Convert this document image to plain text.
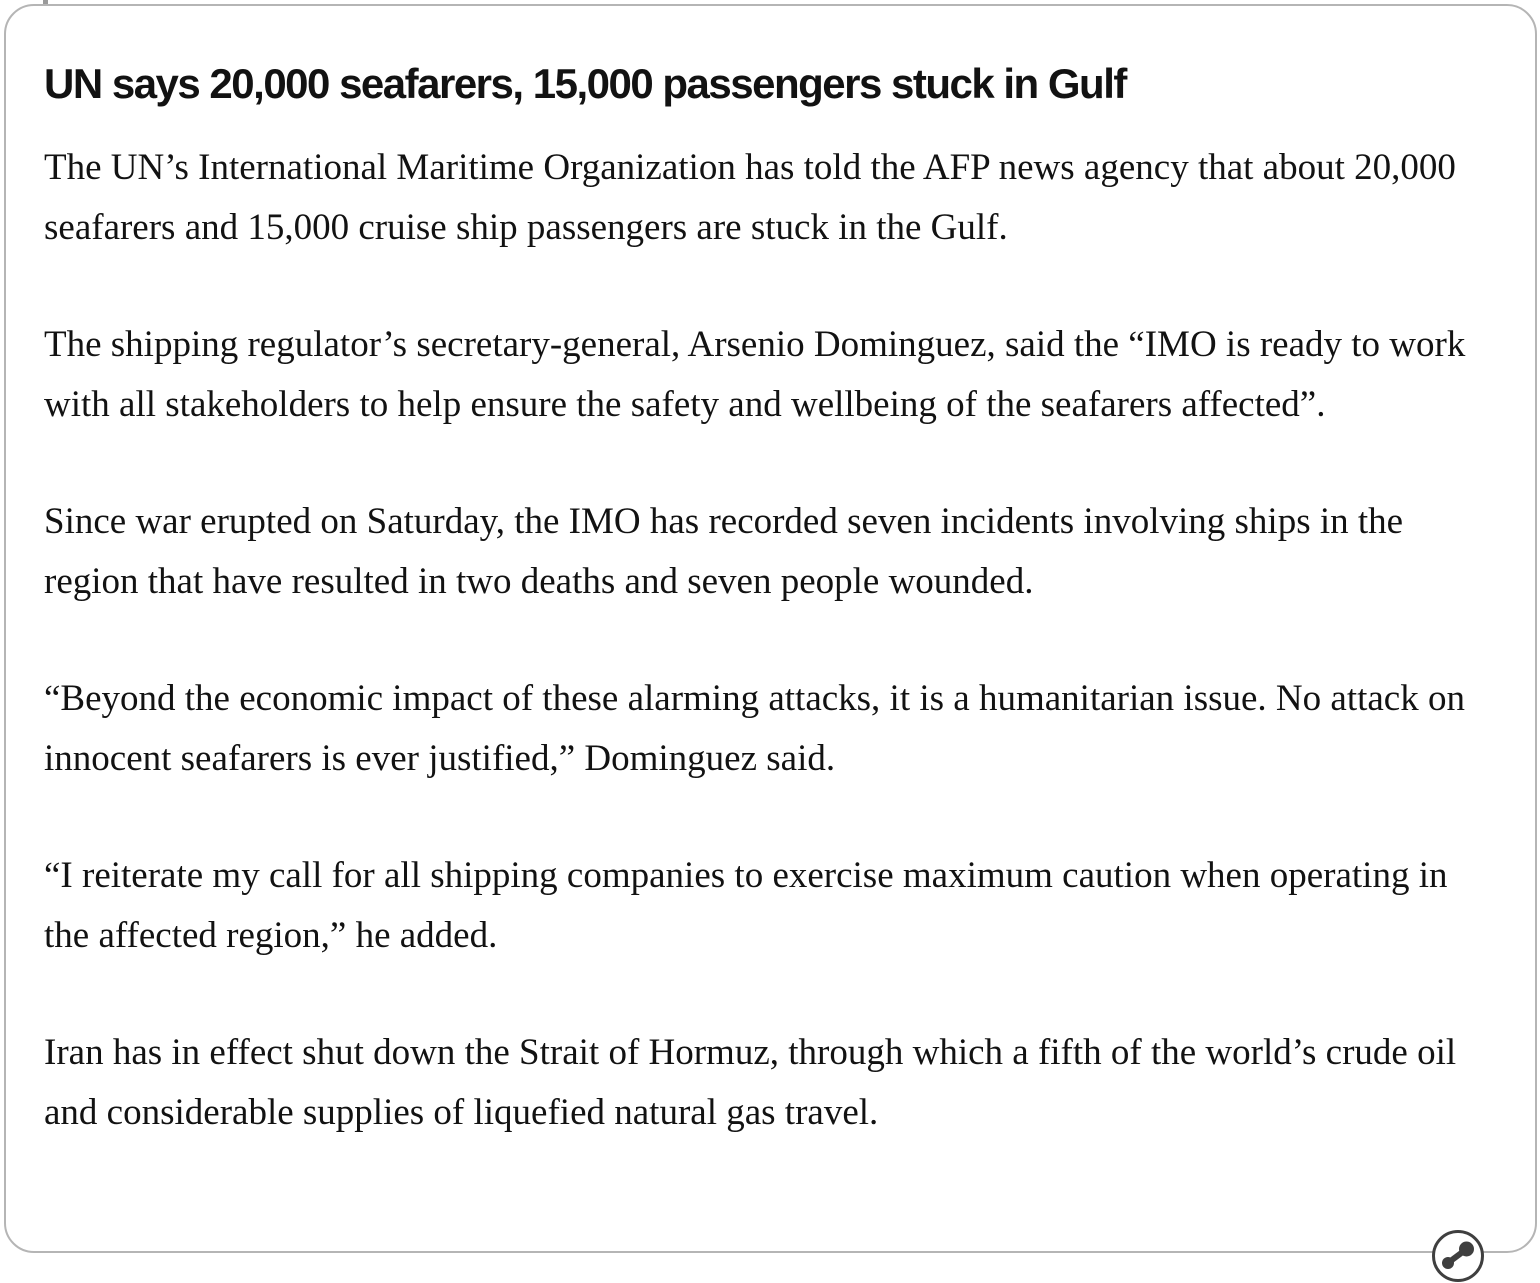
UN says 20,000 seafarers, 15,000 passengers stuck in Gulf

The UN’s International Maritime Organization has told the AFP news agency that about 20,000 seafarers and 15,000 cruise ship passengers are stuck in the Gulf.

The shipping regulator’s secretary-general, Arsenio Dominguez, said the “IMO is ready to work with all stakeholders to help ensure the safety and wellbeing of the seafarers affected”.

Since war erupted on Saturday, the IMO has recorded seven incidents involving ships in the region that have resulted in two deaths and seven people wounded.

“Beyond the economic impact of these alarming attacks, it is a humanitarian issue. No attack on innocent seafarers is ever justified,” Dominguez said.

“I reiterate my call for all shipping companies to exercise maximum caution when operating in the affected region,” he added.

Iran has in effect shut down the Strait of Hormuz, through which a fifth of the world’s crude oil and considerable supplies of liquefied natural gas travel.
